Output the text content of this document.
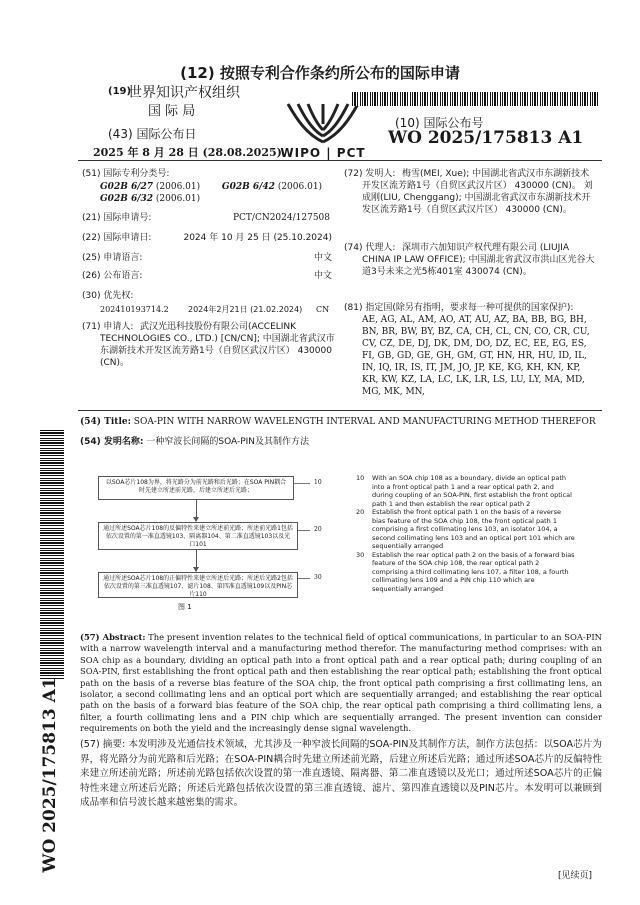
(12) 按照专利合作条约所公布的国际申请
(19)
世界知识产权组织
国 际 局
(43) 国际公布日
2025 年 8 月 28 日 (28.08.2025)
WIPO | PCT
(10) 国际公布号
WO 2025/175813 A1
(51) 国际专利分类号:
G02B 6/27 (2006.01) G02B 6/42 (2006.01)
G02B 6/32 (2006.01)
(21) 国际申请号:	PCT/CN2024/127508
(22) 国际申请日:	2024 年 10 月 25 日 (25.10.2024)
(25) 申请语言:	中文
(26) 公布语言:	中文
(30) 优先权:
202410193714.2 2024年2月21日 (21.02.2024) CN
(71) 申请人: 武汉光迅科技股份有限公司(ACCELINK TECHNOLOGIES CO., LTD.) [CN/CN]; 中国湖北省武汉市东湖新技术开发区流芳路1号（自贸区武汉片区） 430000 (CN)。
(72) 发明人: 梅雪(MEI, Xue); 中国湖北省武汉市东湖新技术开发区流芳路1号（自贸区武汉片区） 430000 (CN)。 刘成刚(LIU, Chenggang); 中国湖北省武汉市东湖新技术开发区流芳路1号（自贸区武汉片区） 430000 (CN)。
(74) 代理人: 深圳市六加知识产权代理有限公司 (LIUJIA CHINA IP LAW OFFICE); 中国湖北省武汉市洪山区光谷大道3号未来之光5栋401室 430074 (CN)。
(81) 指定国(除另有指明，要求每一种可提供的国家保护):
AE, AG, AL, AM, AO, AT, AU, AZ, BA, BB, BG, BH, BN, BR, BW, BY, BZ, CA, CH, CL, CN, CO, CR, CU, CV, CZ, DE, DJ, DK, DM, DO, DZ, EC, EE, EG, ES, FI, GB, GD, GE, GH, GM, GT, HN, HR, HU, ID, IL, IN, IQ, IR, IS, IT, JM, JO, JP, KE, KG, KH, KN, KP, KR, KW, KZ, LA, LC, LK, LR, LS, LU, LY, MA, MD, MG, MK, MN,
(54) Title: SOA-PIN WITH NARROW WAVELENGTH INTERVAL AND MANUFACTURING METHOD THEREFOR
(54) 发明名称: 一种窄波长间隔的SOA-PIN及其制作方法
以SOA芯片108为界，将光路分为前光路和后光路；在SOA PIN耦合时先建立所述前光路，后建立所述后光路；
10
通过所述SOA芯片108的反偏特性来建立所述前光路；所述前光路1包括依次设置的第一准直透镜103、隔离器104、第二准直透镜103以及光口101
20
通过所述SOA芯片108的正偏特性来建立所述后光路；所述后光路2包括依次设置的第三准直透镜107、滤片108、第四准直透镜109以及PIN芯片110
30
图 1
10	With an SOA chip 108 as a boundary, divide an optical path into a front optical path 1 and a rear optical path 2, and during coupling of an SOA-PIN, first establish the front optical path 1 and then establish the rear optical path 2
20	Establish the front optical path 1 on the basis of a reverse bias feature of the SOA chip 108, the front optical path 1 comprising a first collimating lens 103, an isolator 104, a second collimating lens 103 and an optical port 101 which are sequentially arranged
30	Establish the rear optical path 2 on the basis of a forward bias feature of the SOA chip 108, the rear optical path 2 comprising a third collimating lens 107, a filter 108, a fourth collimating lens 109 and a PIN chip 110 which are sequentially arranged
(57) Abstract: The present invention relates to the technical field of optical communications, in particular to an SOA-PIN with a narrow wavelength interval and a manufacturing method therefor. The manufacturing method comprises: with an SOA chip as a boundary, dividing an optical path into a front optical path and a rear optical path; during coupling of an SOA-PIN, first establishing the front optical path and then establishing the rear optical path; establishing the front optical path on the basis of a reverse bias feature of the SOA chip, the front optical path comprising a first collimating lens, an isolator, a second collimating lens and an optical port which are sequentially arranged; and establishing the rear optical path on the basis of a forward bias feature of the SOA chip, the rear optical path comprising a third collimating lens, a filter, a fourth collimating lens and a PIN chip which are sequentially arranged. The present invention can consider requirements on both the yield and the increasingly dense signal wavelength.
(57) 摘要: 本发明涉及光通信技术领域，尤其涉及一种窄波长间隔的SOA-PIN及其制作方法，制作方法包括：以SOA芯片为界，将光路分为前光路和后光路；在SOA-PIN耦合时先建立所述前光路，后建立所述后光路；通过所述SOA芯片的反偏特性来建立所述前光路；所述前光路包括依次设置的第一准直透镜、隔离器、第二准直透镜以及光口；通过所述SOA芯片的正偏特性来建立所述后光路；所述后光路包括依次设置的第三准直透镜、滤片、第四准直透镜以及PIN芯片。本发明可以兼顾到成品率和信号波长越来越密集的需求。
WO 2025/175813 A1
[见续页]
